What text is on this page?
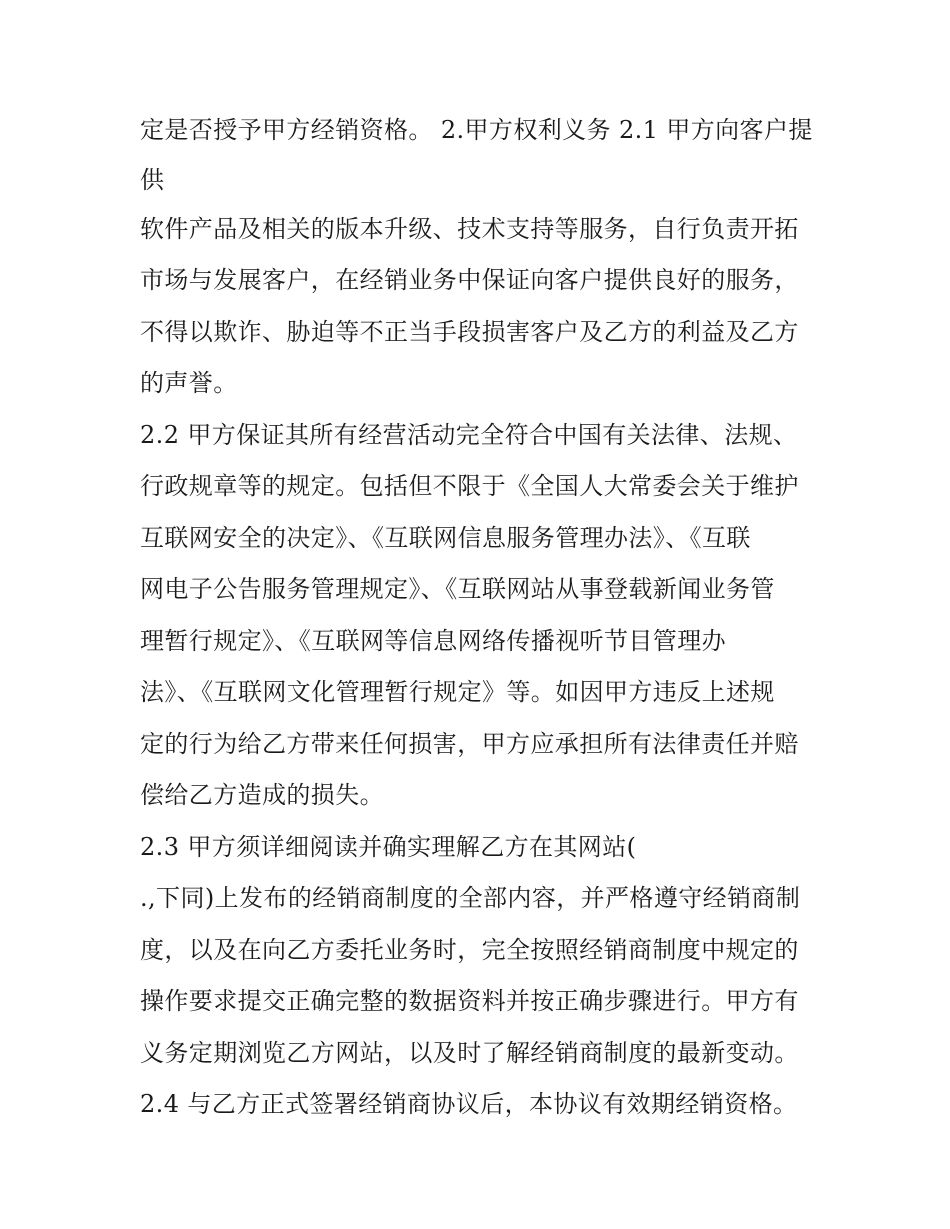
定是否授予甲方经销资格。 2.甲方权利义务 2.1 甲方向客户提
供
软件产品及相关的版本升级、技术支持等服务，自行负责开拓
市场与发展客户，在经销业务中保证向客户提供良好的服务，
不得以欺诈、胁迫等不正当手段损害客户及乙方的利益及乙方
的声誉。
2.2 甲方保证其所有经营活动完全符合中国有关法律、法规、
行政规章等的规定。包括但不限于《全国人大常委会关于维护
互联网安全的决定》、《互联网信息服务管理办法》、《互联
网电子公告服务管理规定》、《互联网站从事登载新闻业务管
理暂行规定》、《互联网等信息网络传播视听节目管理办
法》、《互联网文化管理暂行规定》等。如因甲方违反上述规
定的行为给乙方带来任何损害，甲方应承担所有法律责任并赔
偿给乙方造成的损失。
2.3 甲方须详细阅读并确实理解乙方在其网站(
.,下同)上发布的经销商制度的全部内容，并严格遵守经销商制
度，以及在向乙方委托业务时，完全按照经销商制度中规定的
操作要求提交正确完整的数据资料并按正确步骤进行。甲方有
义务定期浏览乙方网站，以及时了解经销商制度的最新变动。
2.4 与乙方正式签署经销商协议后，本协议有效期经销资格。
